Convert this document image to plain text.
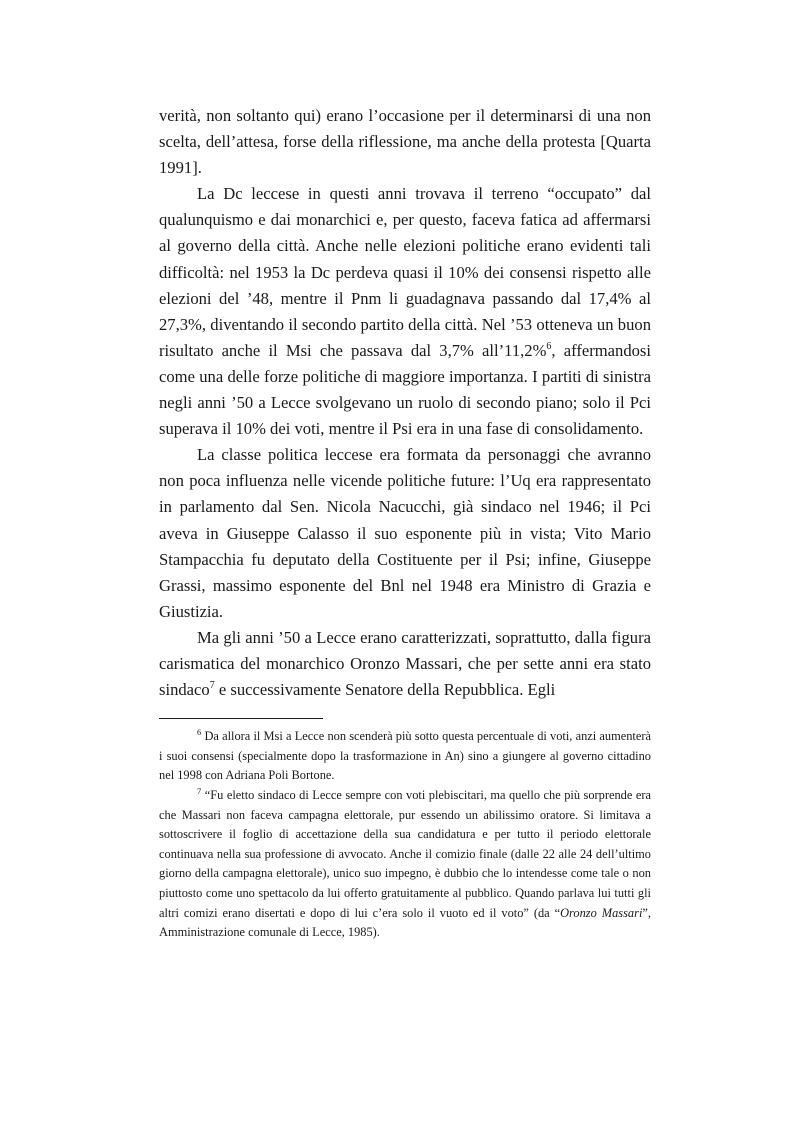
verità, non soltanto qui) erano l’occasione per il determinarsi di una non scelta, dell’attesa, forse della riflessione, ma anche della protesta [Quarta 1991].

La Dc leccese in questi anni trovava il terreno “occupato” dal qualunquismo e dai monarchici e, per questo, faceva fatica ad affermarsi al governo della città. Anche nelle elezioni politiche erano evidenti tali difficoltà: nel 1953 la Dc perdeva quasi il 10% dei consensi rispetto alle elezioni del ’48, mentre il Pnm li guadagnava passando dal 17,4% al 27,3%, diventando il secondo partito della città. Nel ’53 otteneva un buon risultato anche il Msi che passava dal 3,7% all’11,2%$^6$, affermandosi come una delle forze politiche di maggiore importanza. I partiti di sinistra negli anni ’50 a Lecce svolgevano un ruolo di secondo piano; solo il Pci superava il 10% dei voti, mentre il Psi era in una fase di consolidamento.

La classe politica leccese era formata da personaggi che avranno non poca influenza nelle vicende politiche future: l’Uq era rappresentato in parlamento dal Sen. Nicola Nacucchi, già sindaco nel 1946; il Pci aveva in Giuseppe Calasso il suo esponente più in vista; Vito Mario Stampacchia fu deputato della Costituente per il Psi; infine, Giuseppe Grassi, massimo esponente del Bnl nel 1948 era Ministro di Grazia e Giustizia.

Ma gli anni ’50 a Lecce erano caratterizzati, soprattutto, dalla figura carismatica del monarchico Oronzo Massari, che per sette anni era stato sindaco$^7$ e successivamente Senatore della Repubblica. Egli

$^6$ Da allora il Msi a Lecce non scenderà più sotto questa percentuale di voti, anzi aumenterà i suoi consensi (specialmente dopo la trasformazione in An) sino a giungere al governo cittadino nel 1998 con Adriana Poli Bortone.

$^7$ “Fu eletto sindaco di Lecce sempre con voti plebiscitari, ma quello che più sorprende era che Massari non faceva campagna elettorale, pur essendo un abilissimo oratore. Si limitava a sottoscrivere il foglio di accettazione della sua candidatura e per tutto il periodo elettorale continuava nella sua professione di avvocato. Anche il comizio finale (dalle 22 alle 24 dell’ultimo giorno della campagna elettorale), unico suo impegno, è dubbio che lo intendesse come tale o non piuttosto come uno spettacolo da lui offerto gratuitamente al pubblico. Quando parlava lui tutti gli altri comizi erano disertati e dopo di lui c’era solo il vuoto ed il voto” (da “Oronzo Massari”, Amministrazione comunale di Lecce, 1985).
